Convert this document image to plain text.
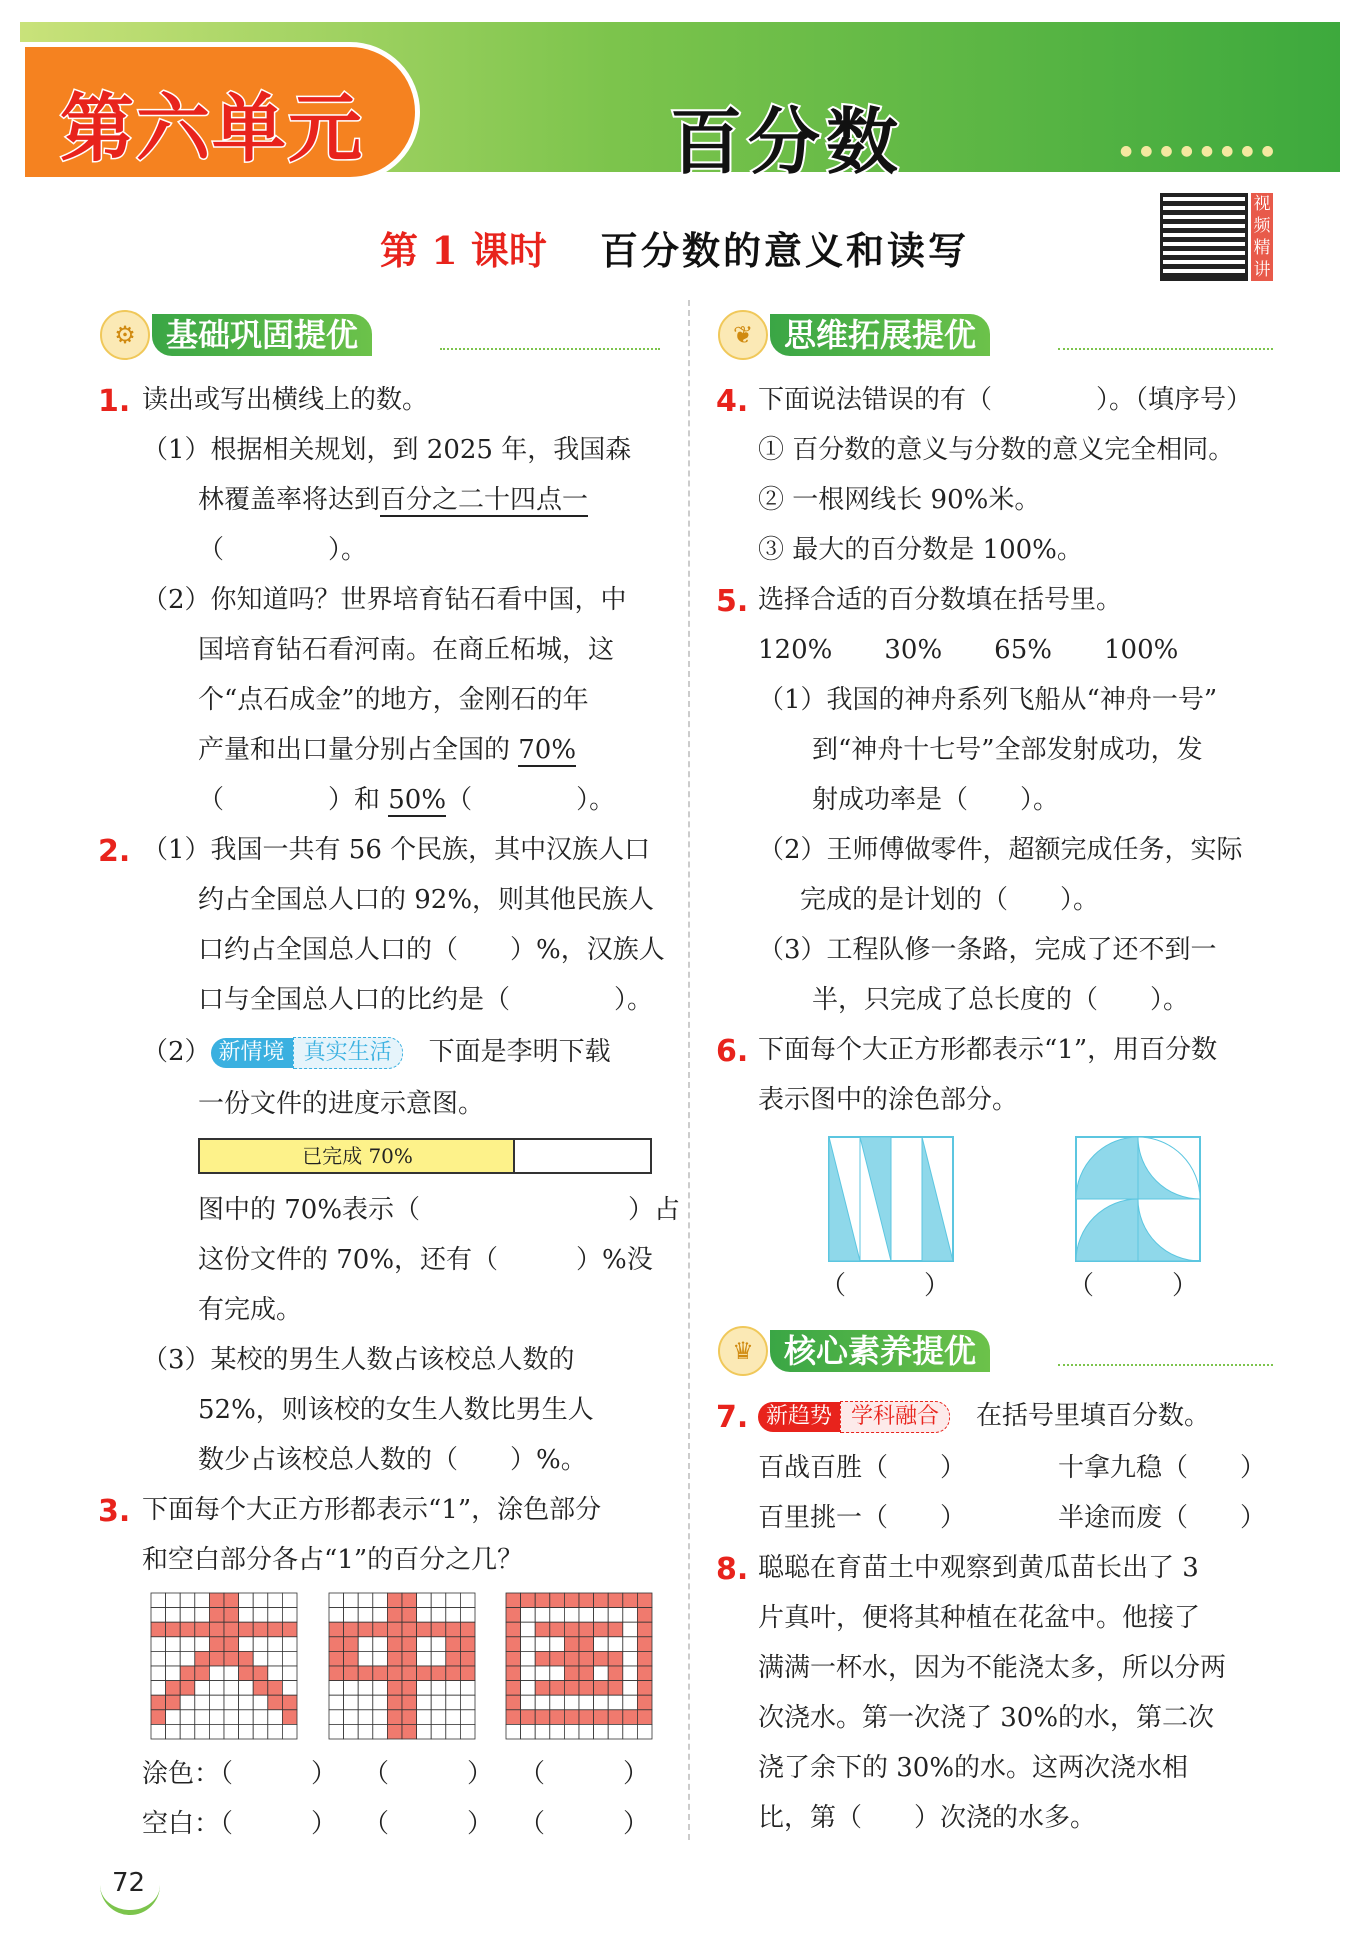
●●●●●●●●
第六单元	百分数
第 1 课时 百分数的意义和读写
视频精讲
⚙ 基础巩固提优
1. 读出或写出横线上的数。
（1）根据相关规划，到 2025 年，我国森
林覆盖率将达到百分之二十四点一
（　　　　）。
（2）你知道吗？世界培育钻石看中国，中
国培育钻石看河南。在商丘柘城，这
个“点石成金”的地方，金刚石的年
产量和出口量分别占全国的 70%
（　　　　）和 50%（　　　　）。
2. （1）我国一共有 56 个民族，其中汉族人口
约占全国总人口的 92%，则其他民族人
口约占全国总人口的（　　）%，汉族人
口与全国总人口的比约是（　　　　）。
（2） 新情境 真实生活　 下面是李明下载
一份文件的进度示意图。
已完成 70%
图中的 70%表示（　　　　　　　　）占
这份文件的 70%，还有（　　　）%没
有完成。
（3）某校的男生人数占该校总人数的
52%，则该校的女生人数比男生人
数少占该校总人数的（　　）%。
3. 下面每个大正方形都表示“1”，涂色部分
和空白部分各占“1”的百分之几？
涂色：（　　　）　　（　　　）　　（　　　）
空白：（　　　）　　（　　　）　　（　　　）
❦ 思维拓展提优
4. 下面说法错误的有（　　　　）。（填序号）
① 百分数的意义与分数的意义完全相同。
② 一根网线长 90%米。
③ 最大的百分数是 100%。
5. 选择合适的百分数填在括号里。
120%　　 30%　　 65%　　 100%
（1）我国的神舟系列飞船从“神舟一号”
到“神舟十七号”全部发射成功，发
射成功率是（　　）。
（2）王师傅做零件，超额完成任务，实际
完成的是计划的（　　）。
（3）工程队修一条路，完成了还不到一
半，只完成了总长度的（　　）。
6. 下面每个大正方形都表示“1”，用百分数
表示图中的涂色部分。
（　　　）	（　　　）
♛ 核心素养提优
7. 新趋势 学科融合　 在括号里填百分数。
百战百胜（　　）	十拿九稳（　　）
百里挑一（　　）	半途而废（　　）
8. 聪聪在育苗土中观察到黄瓜苗长出了 3
片真叶，便将其种植在花盆中。他接了
满满一杯水，因为不能浇太多，所以分两
次浇水。第一次浇了 30%的水，第二次
浇了余下的 30%的水。这两次浇水相
比，第（　　）次浇的水多。
72
